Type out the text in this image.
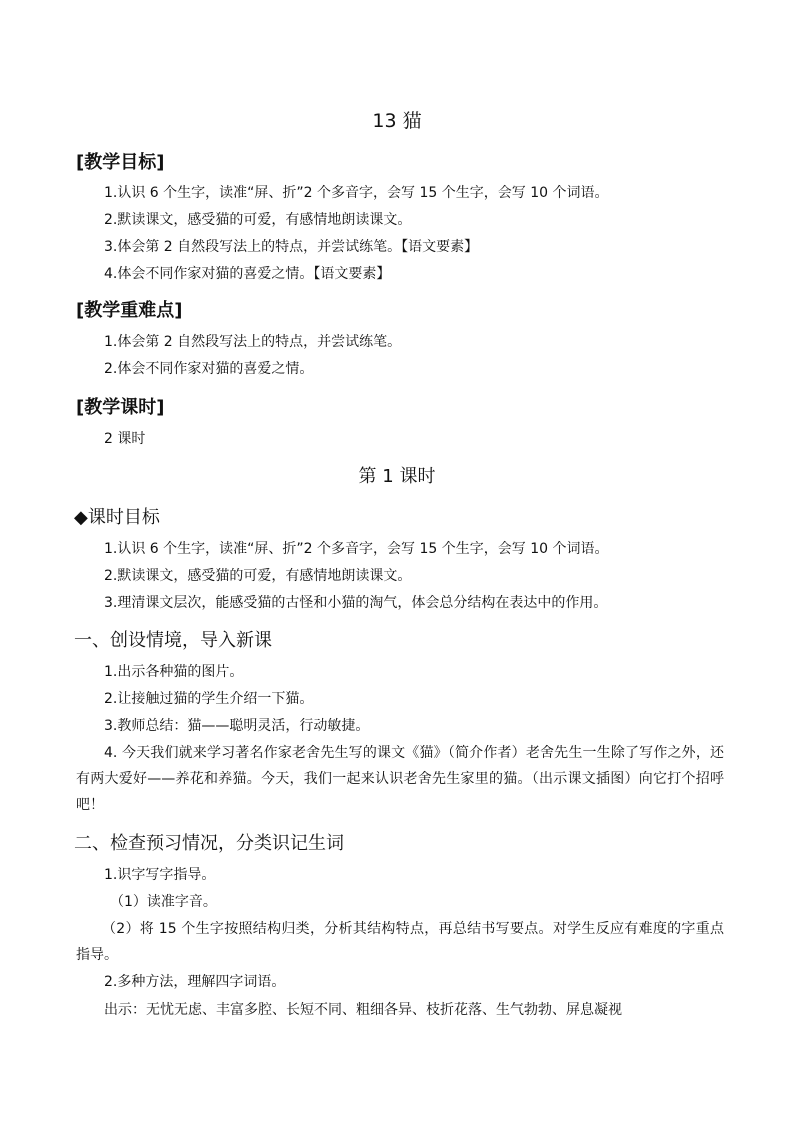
13 猫
[教学目标]
1.认识 6 个生字，读准“屏、折”2 个多音字，会写 15 个生字，会写 10 个词语。
2.默读课文，感受猫的可爱，有感情地朗读课文。
3.体会第 2 自然段写法上的特点，并尝试练笔。【语文要素】
4.体会不同作家对猫的喜爱之情。【语文要素】
[教学重难点]
1.体会第 2 自然段写法上的特点，并尝试练笔。
2.体会不同作家对猫的喜爱之情。
[教学课时]
2 课时
第 1 课时
◆课时目标
1.认识 6 个生字，读准“屏、折”2 个多音字，会写 15 个生字，会写 10 个词语。
2.默读课文，感受猫的可爱，有感情地朗读课文。
3.理清课文层次，能感受猫的古怪和小猫的淘气，体会总分结构在表达中的作用。
一、创设情境，导入新课
1.出示各种猫的图片。
2.让接触过猫的学生介绍一下猫。
3.教师总结：猫——聪明灵活，行动敏捷。
4. 今天我们就来学习著名作家老舍先生写的课文《猫》（简介作者）老舍先生一生除了写作之外，还有两大爱好——养花和养猫。今天，我们一起来认识老舍先生家里的猫。（出示课文插图）向它打个招呼吧！
二、检查预习情况，分类识记生词
1.识字写字指导。
（1）读准字音。
（2）将 15 个生字按照结构归类，分析其结构特点，再总结书写要点。对学生反应有难度的字重点指导。
2.多种方法，理解四字词语。
出示：无忧无虑、丰富多腔、长短不同、粗细各异、枝折花落、生气勃勃、屏息凝视
